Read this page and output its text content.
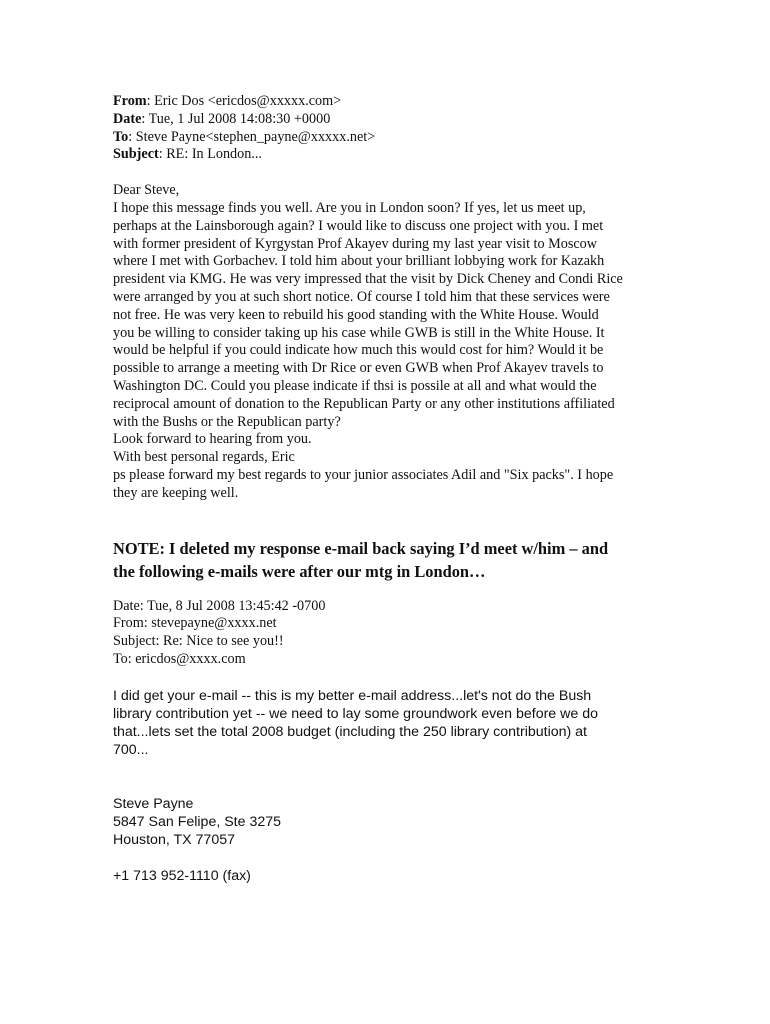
From: Eric Dos <ericdos@xxxxx.com>
Date: Tue, 1 Jul 2008 14:08:30 +0000
To: Steve Payne<stephen_payne@xxxxx.net>
Subject: RE: In London...
Dear Steve,
I hope this message finds you well. Are you in London soon? If yes, let us meet up,
perhaps at the Lainsborough again? I would like to discuss one project with you. I met
with former president of Kyrgystan Prof Akayev during my last year visit to Moscow
where I met with Gorbachev. I told him about your brilliant lobbying work for Kazakh
president via KMG. He was very impressed that the visit by Dick Cheney and Condi Rice
were arranged by you at such short notice. Of course I told him that these services were
not free. He was very keen to rebuild his good standing with the White House. Would
you be willing to consider taking up his case while GWB is still in the White House. It
would be helpful if you could indicate how much this would cost for him? Would it be
possible to arrange a meeting with Dr Rice or even GWB when Prof Akayev travels to
Washington DC. Could you please indicate if thsi is possile at all and what would the
reciprocal amount of donation to the Republican Party or any other institutions affiliated
with the Bushs or the Republican party?
Look forward to hearing from you.
With best personal regards, Eric
ps please forward my best regards to your junior associates Adil and "Six packs". I hope
they are keeping well.
NOTE: I deleted my response e-mail back saying I’d meet w/him – and
the following e-mails were after our mtg in London…
Date: Tue, 8 Jul 2008 13:45:42 -0700
From: stevepayne@xxxx.net
Subject: Re: Nice to see you!!
To: ericdos@xxxx.com
I did get your e-mail -- this is my better e-mail address...let's not do the Bush
library contribution yet -- we need to lay some groundwork even before we do
that...lets set the total 2008 budget (including the 250 library contribution) at
700...
Steve Payne
5847 San Felipe, Ste 3275
Houston, TX 77057
+1 713 952-1110 (fax)
